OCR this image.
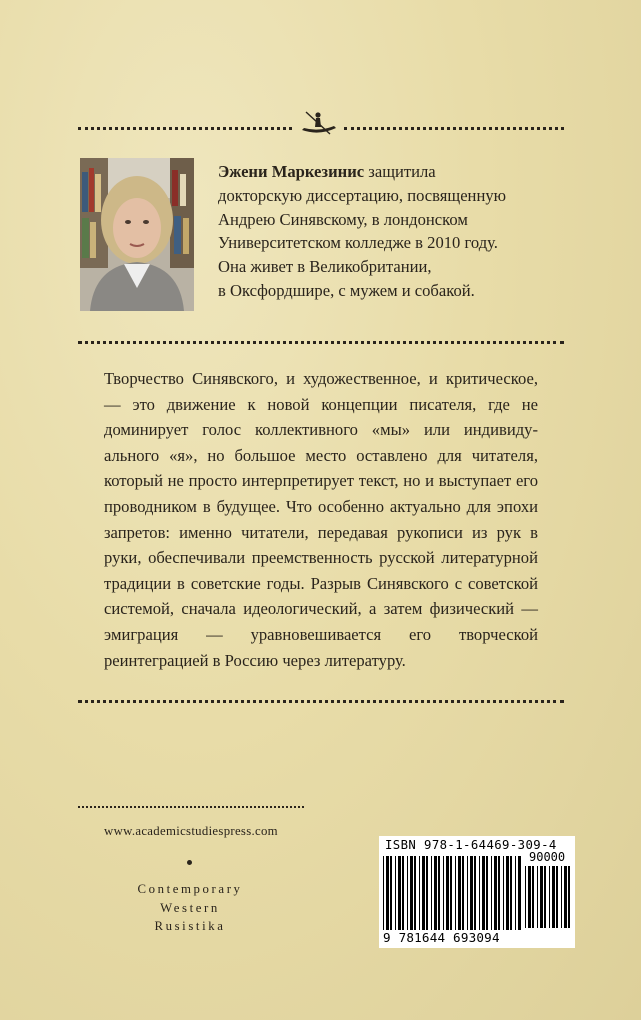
Эжени Маркезинис защитила
докторскую диссертацию, посвященную
Андрею Синявскому, в лондонском
Университетском колледже в 2010 году.
Она живет в Великобритании,
в Оксфордшире, с мужем и собакой.

Творчество Синявского, и художественное, и критическое, — это движение к новой концепции писателя, где не доминирует голос коллективного «мы» или индивидуального «я», но большое место оставлено для читателя, который не просто интерпретирует текст, но и выступает его проводником в будущее. Что особенно актуально для эпохи запретов: именно читатели, передавая рукописи из рук в руки, обеспечивали преемственность русской литературной традиции в советские годы. Разрыв Синявского с советской системой, сначала идеологический, а затем физический — эмиграция — уравновешивается его творческой реинтеграцией в Россию через литературу.

www.academicstudiespress.com
Contemporary
Western
Rusistika
ISBN 978-1-64469-309-4
90000
9 781644 693094
